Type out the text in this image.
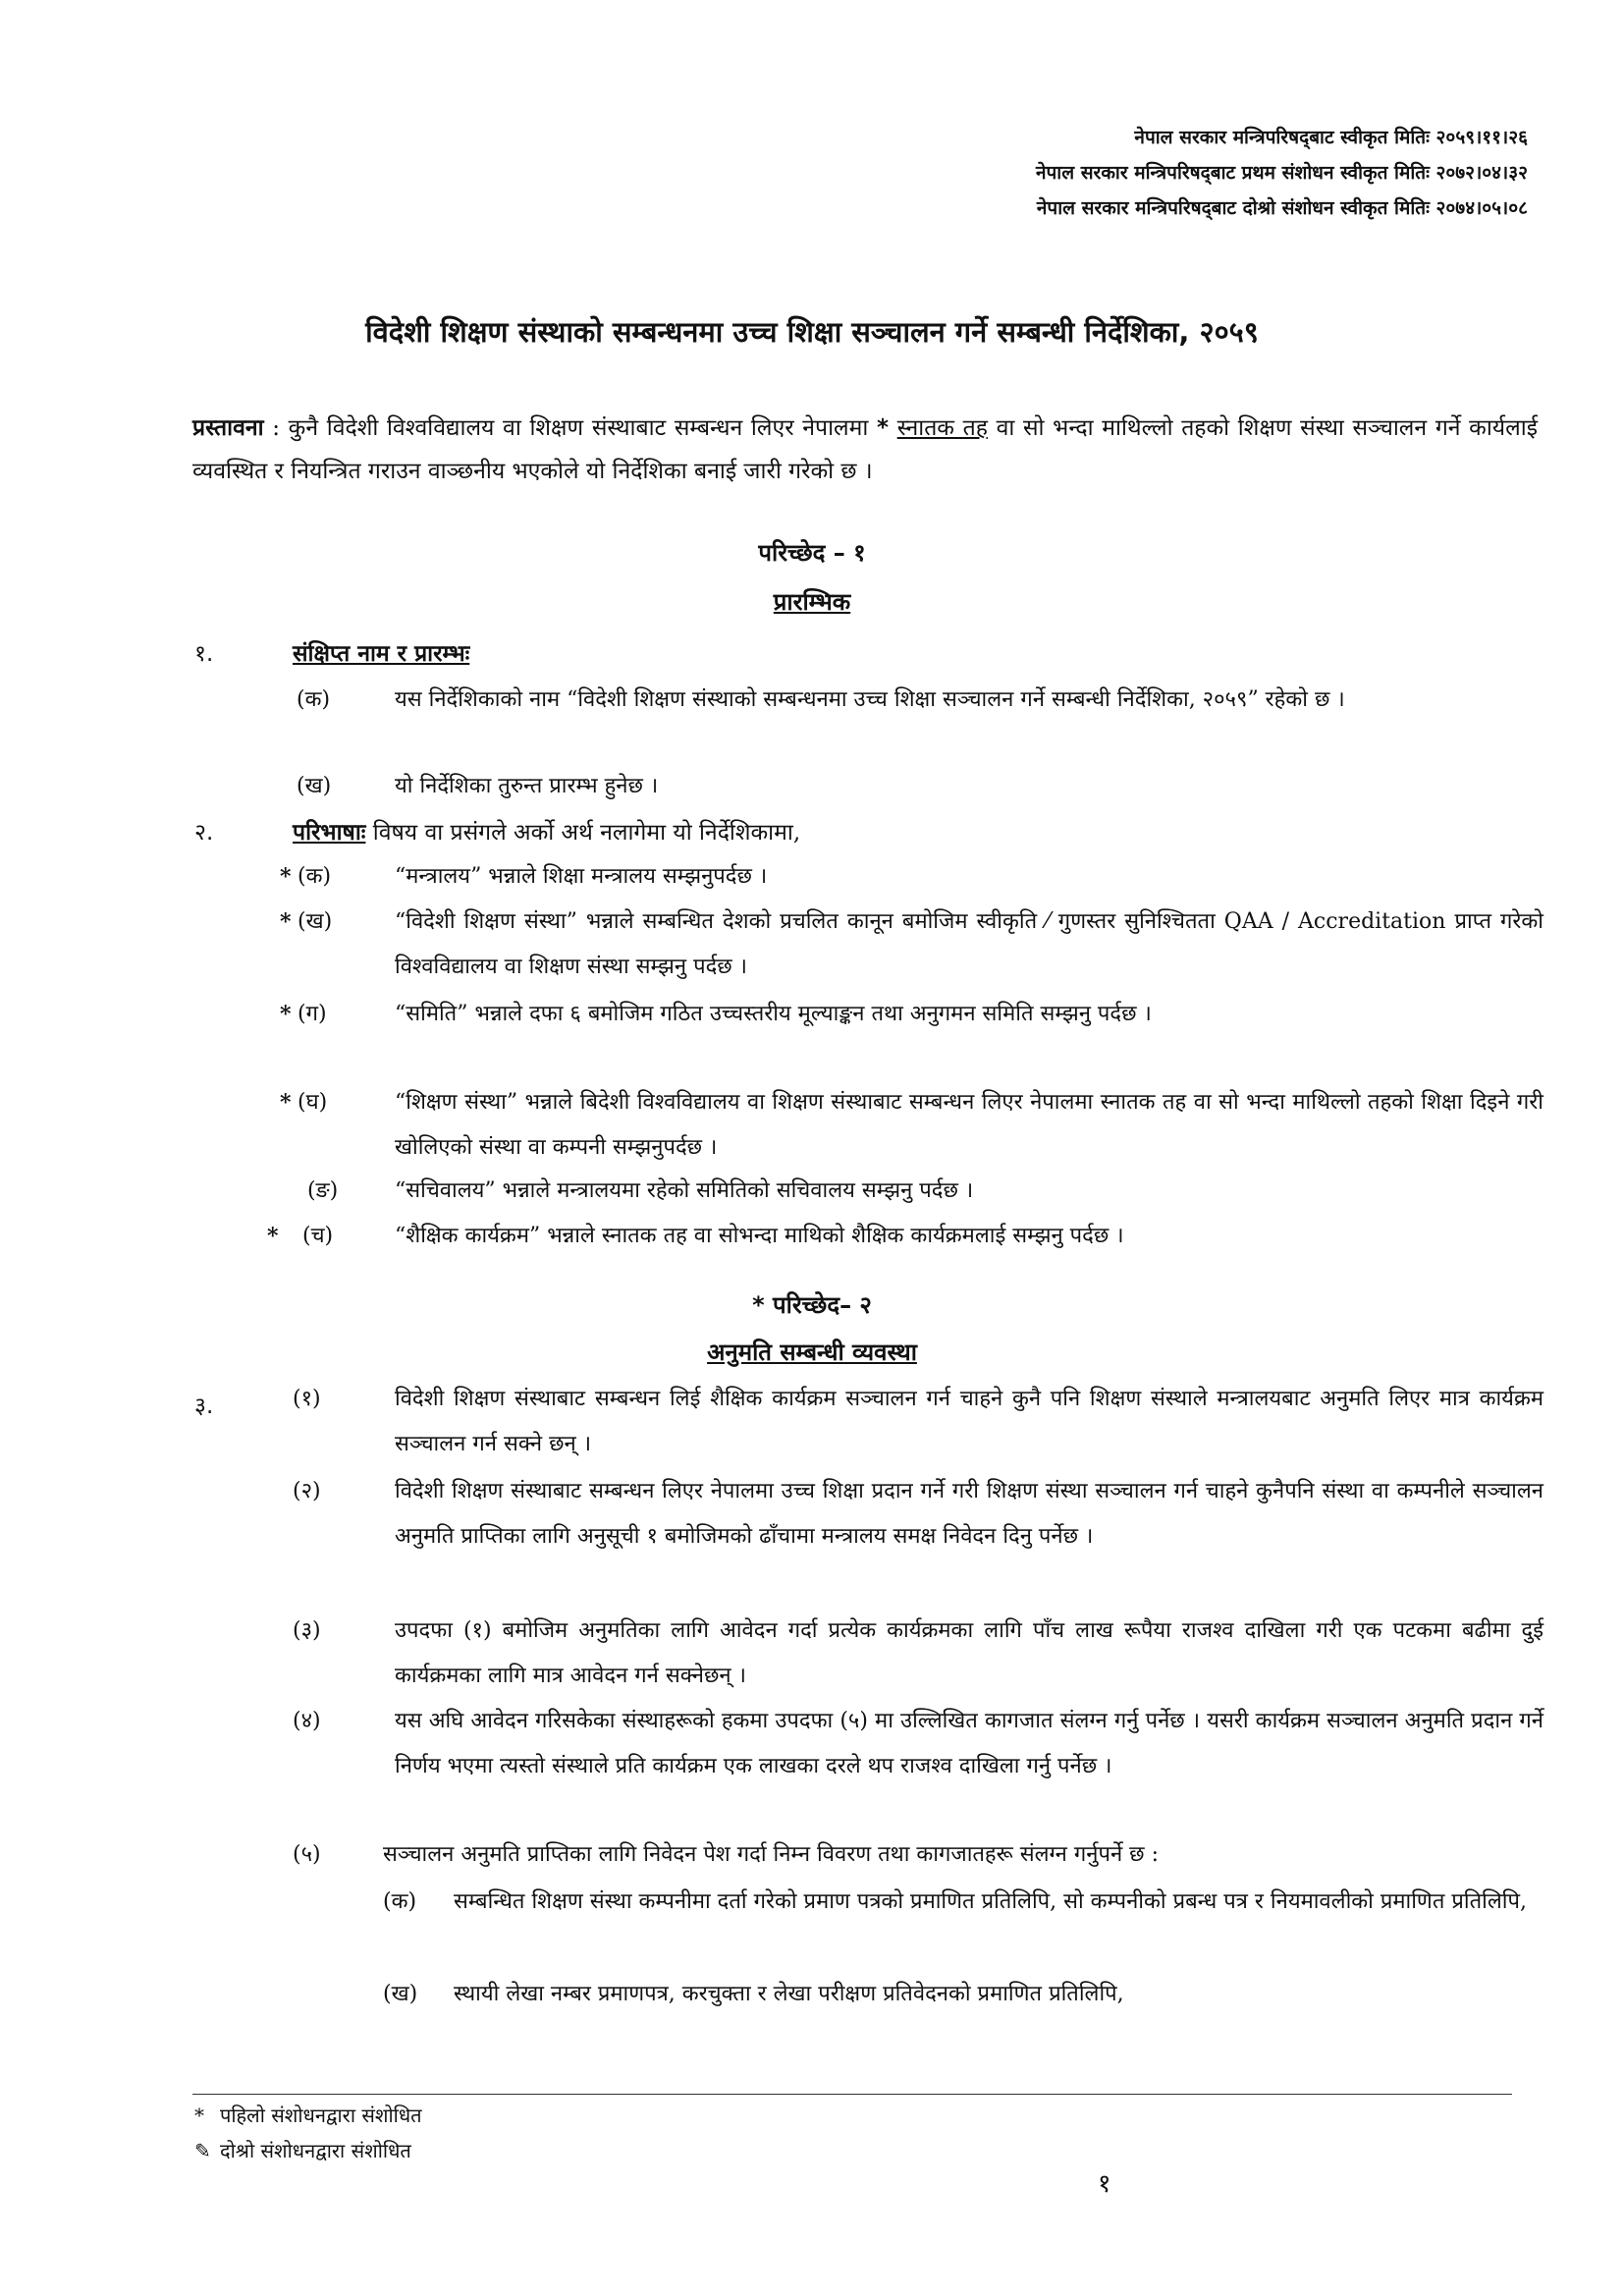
नेपाल सरकार मन्त्रिपरिषद्‌बाट स्वीकृत मितिः २०५९।११।२६
नेपाल सरकार मन्त्रिपरिषद्‌बाट प्रथम संशोधन स्वीकृत मितिः २०७२।०४।३२
नेपाल सरकार मन्त्रिपरिषद्‌बाट दोश्रो संशोधन स्वीकृत मितिः २०७४।०५।०८
विदेशी शिक्षण संस्थाको सम्बन्धनमा उच्च शिक्षा सञ्चालन गर्ने सम्बन्धी निर्देशिका, २०५९
प्रस्तावना : कुनै विदेशी विश्वविद्यालय वा शिक्षण संस्थाबाट सम्बन्धन लिएर नेपालमा * स्नातक तह वा सो भन्दा माथिल्लो तहको शिक्षण संस्था सञ्चालन गर्ने कार्यलाई व्यवस्थित र नियन्त्रित गराउन वाञ्छनीय भएकोले यो निर्देशिका बनाई जारी गरेको छ ।
परिच्छेद – १
प्रारम्भिक
१.	संक्षिप्त नाम र प्रारम्भः
(क)	यस निर्देशिकाको नाम “विदेशी शिक्षण संस्थाको सम्बन्धनमा उच्च शिक्षा सञ्चालन गर्ने सम्बन्धी निर्देशिका, २०५९” रहेको छ ।
(ख)	यो निर्देशिका तुरुन्त प्रारम्भ हुनेछ ।
२.	परिभाषाः विषय वा प्रसंगले अर्को अर्थ नलागेमा यो निर्देशिकामा,
* (क)	“मन्त्रालय” भन्नाले शिक्षा मन्त्रालय सम्झनुपर्दछ ।
* (ख)	“विदेशी शिक्षण संस्था” भन्नाले सम्बन्धित देशको प्रचलित कानून बमोजिम स्वीकृति ⁄ गुणस्तर सुनिश्चितता QAA / Accreditation प्राप्त गरेको विश्वविद्यालय वा शिक्षण संस्था सम्झनु पर्दछ ।
* (ग)	“समिति” भन्नाले दफा ६ बमोजिम गठित उच्चस्तरीय मूल्याङ्कन तथा अनुगमन समिति सम्झनु पर्दछ ।
* (घ)	“शिक्षण संस्था” भन्नाले बिदेशी विश्वविद्यालय वा शिक्षण संस्थाबाट सम्बन्धन लिएर नेपालमा स्नातक तह वा सो भन्दा माथिल्लो तहको शिक्षा दिइने गरी खोलिएको संस्था वा कम्पनी सम्झनुपर्दछ ।
(ङ)	“सचिवालय” भन्नाले मन्त्रालयमा रहेको समितिको सचिवालय सम्झनु पर्दछ ।
* (च)	“शैक्षिक कार्यक्रम” भन्नाले स्नातक तह वा सोभन्दा माथिको शैक्षिक कार्यक्रमलाई सम्झनु पर्दछ ।
* परिच्छेद– २
अनुमति सम्बन्धी व्यवस्था
३.	(१)	विदेशी शिक्षण संस्थाबाट सम्बन्धन लिई शैक्षिक कार्यक्रम सञ्चालन गर्न चाहने कुनै पनि शिक्षण संस्थाले मन्त्रालयबाट अनुमति लिएर मात्र कार्यक्रम सञ्चालन गर्न सक्ने छन् ।
(२)	विदेशी शिक्षण संस्थाबाट सम्बन्धन लिएर नेपालमा उच्च शिक्षा प्रदान गर्ने गरी शिक्षण संस्था सञ्चालन गर्न चाहने कुनैपनि संस्था वा कम्पनीले सञ्चालन अनुमति प्राप्तिका लागि अनुसूची १ बमोजिमको ढाँचामा मन्त्रालय समक्ष निवेदन दिनु पर्नेछ ।
(३)	उपदफा (१) बमोजिम अनुमतिका लागि आवेदन गर्दा प्रत्येक कार्यक्रमका लागि पाँच लाख रूपैया राजश्व दाखिला गरी एक पटकमा बढीमा दुई कार्यक्रमका लागि मात्र आवेदन गर्न सक्नेछन् ।
(४)	यस अघि आवेदन गरिसकेका संस्थाहरूको हकमा उपदफा (५) मा उल्लिखित कागजात संलग्न गर्नु पर्नेछ । यसरी कार्यक्रम सञ्चालन अनुमति प्रदान गर्ने निर्णय भएमा त्यस्तो संस्थाले प्रति कार्यक्रम एक लाखका दरले थप राजश्व दाखिला गर्नु पर्नेछ ।
(५)	सञ्चालन अनुमति प्राप्तिका लागि निवेदन पेश गर्दा निम्न विवरण तथा कागजातहरू संलग्न गर्नुपर्ने छ :
(क) सम्बन्धित शिक्षण संस्था कम्पनीमा दर्ता गरेको प्रमाण पत्रको प्रमाणित प्रतिलिपि, सो कम्पनीको प्रबन्ध पत्र र नियमावलीको प्रमाणित प्रतिलिपि,
(ख) स्थायी लेखा नम्बर प्रमाणपत्र, करचुक्ता र लेखा परीक्षण प्रतिवेदनको प्रमाणित प्रतिलिपि,
* पहिलो संशोधनद्वारा संशोधित
✎ दोश्रो संशोधनद्वारा संशोधित
१
